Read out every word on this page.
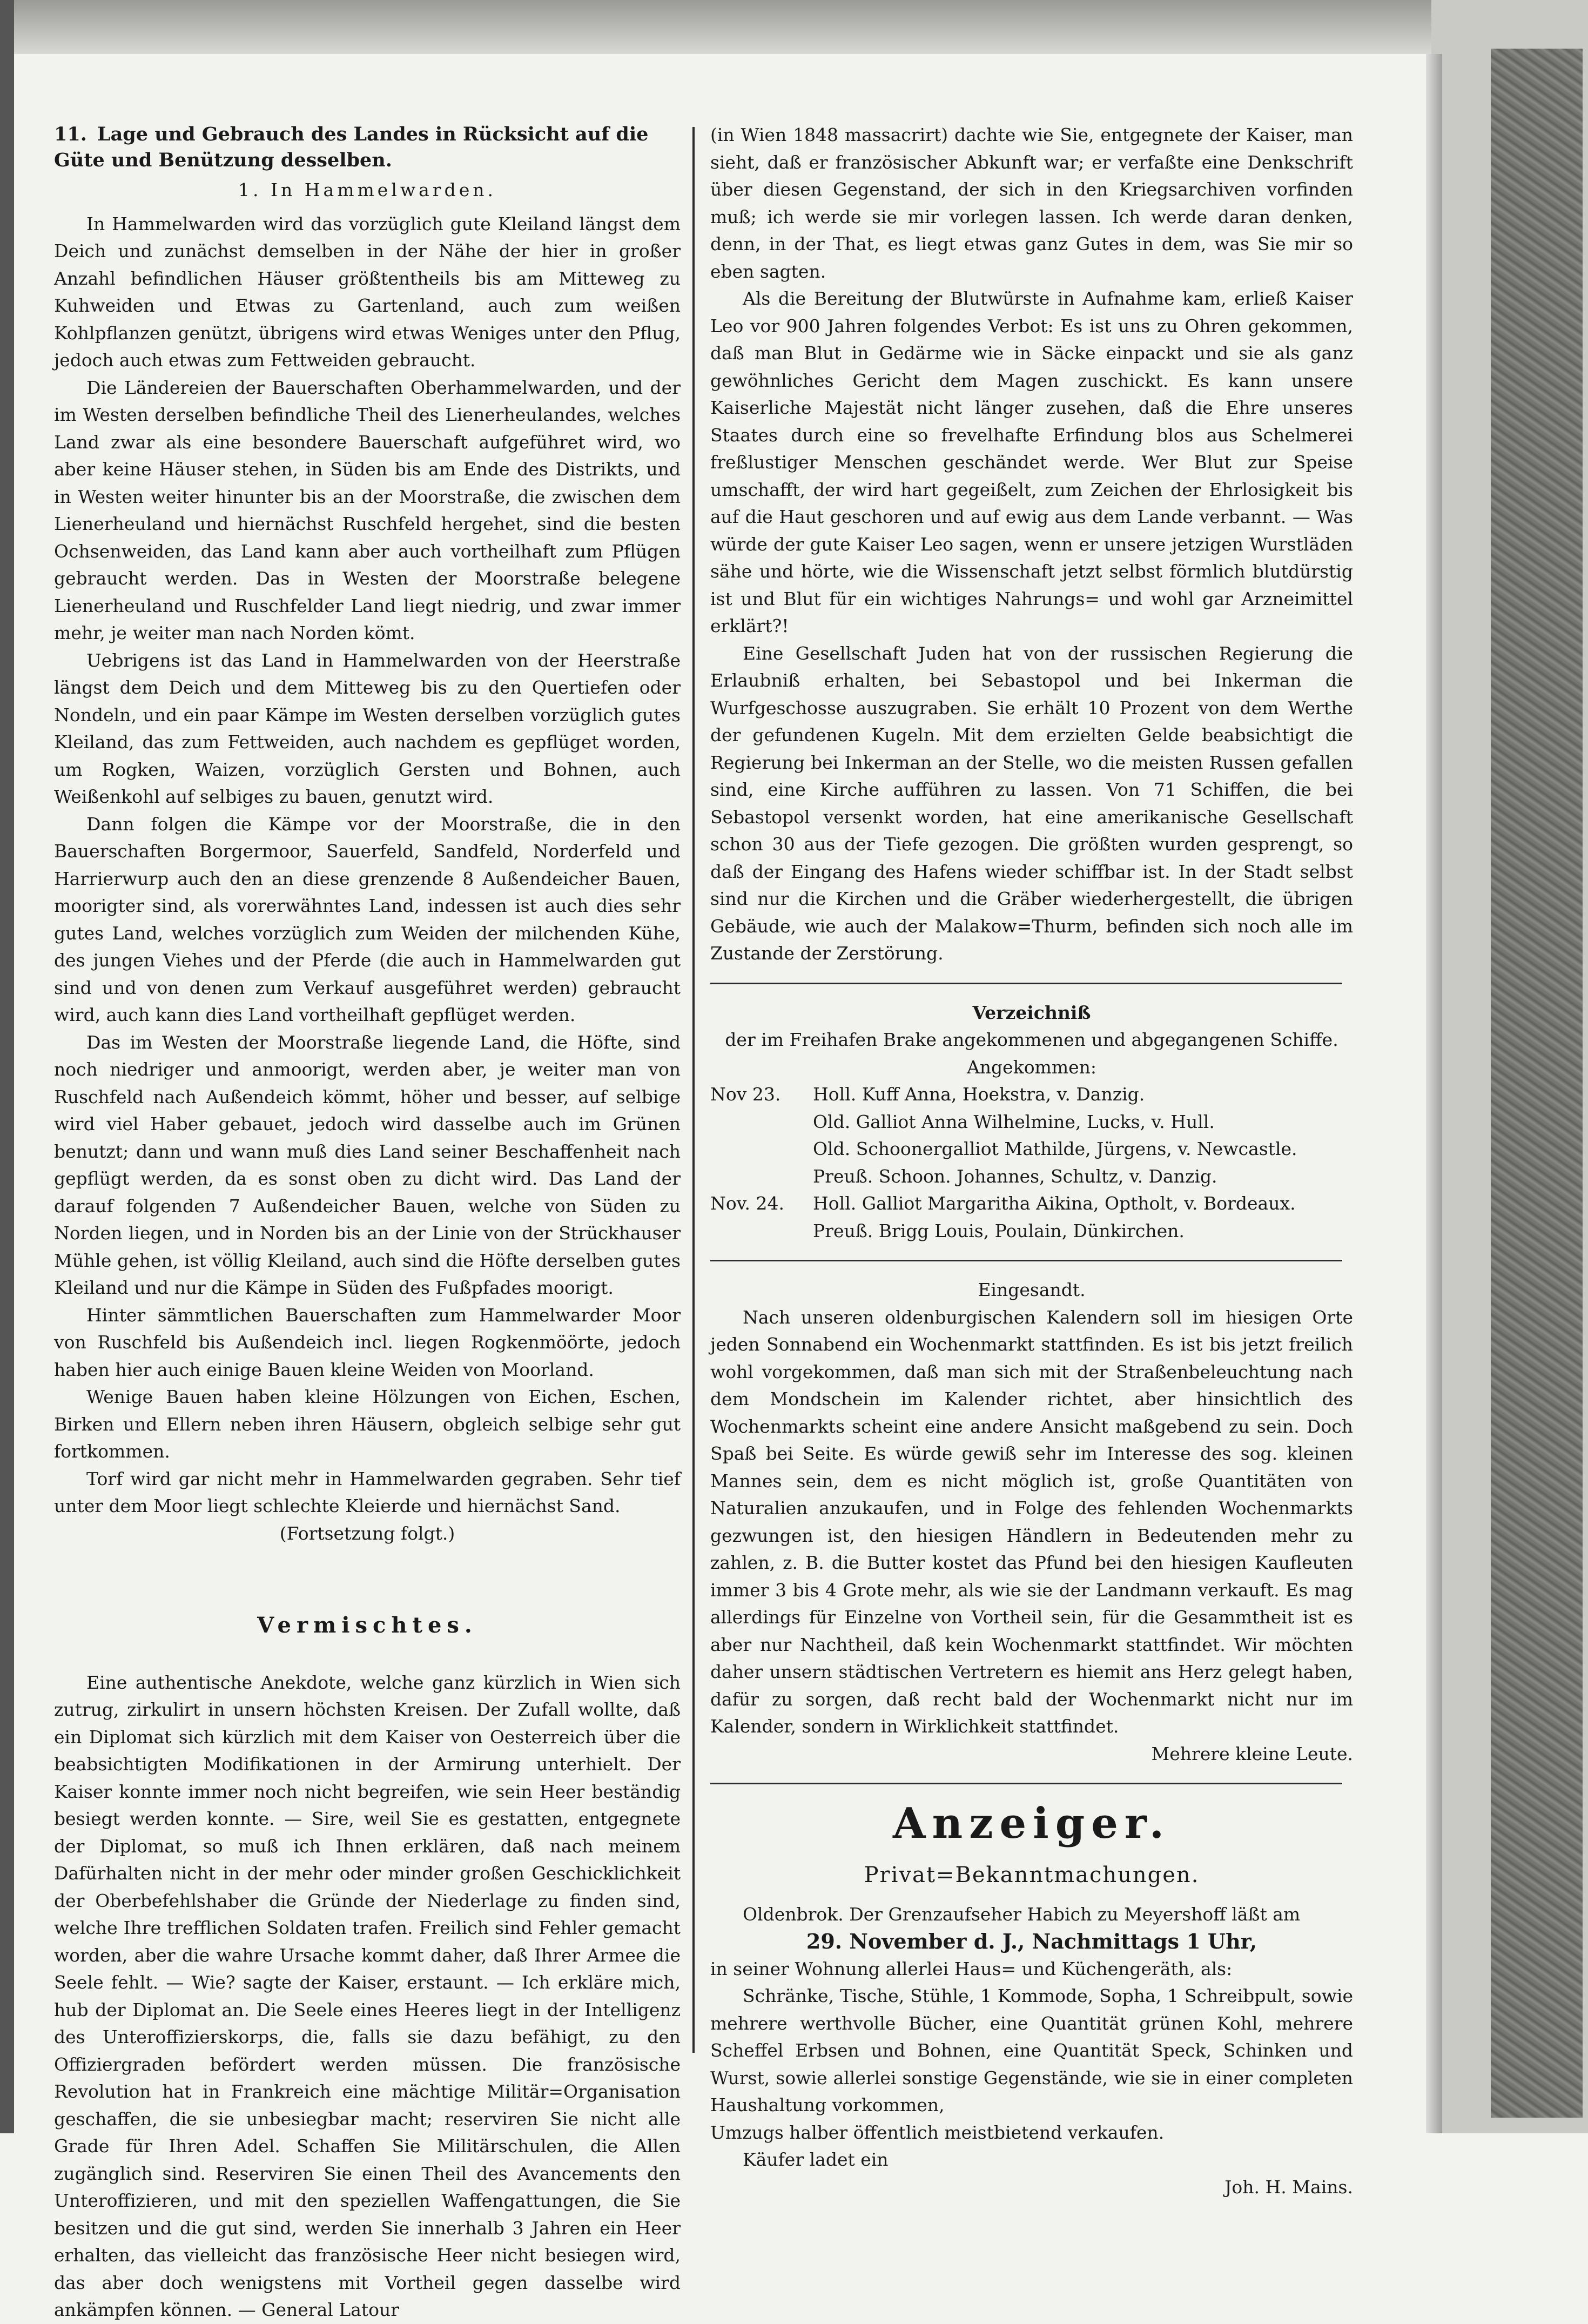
11. Lage und Gebrauch des Landes in Rücksicht auf die Güte und Benützung desselben.
1. In Hammelwarden.

In Hammelwarden wird das vorzüglich gute Kleiland längst dem Deich und zunächst demselben in der Nähe der hier in großer Anzahl befindlichen Häuser größtentheils bis am Mitteweg zu Kuhweiden und Etwas zu Gartenland, auch zum weißen Kohlpflanzen genützt, übrigens wird etwas Weniges unter den Pflug, jedoch auch etwas zum Fettweiden gebraucht.

Die Ländereien der Bauerschaften Oberhammelwarden, und der im Westen derselben befindliche Theil des Lienerheulandes, welches Land zwar als eine besondere Bauerschaft aufgeführet wird, wo aber keine Häuser stehen, in Süden bis am Ende des Distrikts, und in Westen weiter hinunter bis an der Moorstraße, die zwischen dem Lienerheuland und hiernächst Ruschfeld hergehet, sind die besten Ochsenweiden, das Land kann aber auch vortheilhaft zum Pflügen gebraucht werden. Das in Westen der Moorstraße belegene Lienerheuland und Ruschfelder Land liegt niedrig, und zwar immer mehr, je weiter man nach Norden kömt.

Uebrigens ist das Land in Hammelwarden von der Heerstraße längst dem Deich und dem Mitteweg bis zu den Quertiefen oder Nondeln, und ein paar Kämpe im Westen derselben vorzüglich gutes Kleiland, das zum Fettweiden, auch nachdem es gepflüget worden, um Rogken, Waizen, vorzüglich Gersten und Bohnen, auch Weißenkohl auf selbiges zu bauen, genutzt wird.

Dann folgen die Kämpe vor der Moorstraße, die in den Bauerschaften Borgermoor, Sauerfeld, Sandfeld, Norderfeld und Harrierwurp auch den an diese grenzende 8 Außendeicher Bauen, moorigter sind, als vorerwähntes Land, indessen ist auch dies sehr gutes Land, welches vorzüglich zum Weiden der milchenden Kühe, des jungen Viehes und der Pferde (die auch in Hammelwarden gut sind und von denen zum Verkauf ausgeführet werden) gebraucht wird, auch kann dies Land vortheilhaft gepflüget werden.

Das im Westen der Moorstraße liegende Land, die Höfte, sind noch niedriger und anmoorigt, werden aber, je weiter man von Ruschfeld nach Außendeich kömmt, höher und besser, auf selbige wird viel Haber gebauet, jedoch wird dasselbe auch im Grünen benutzt; dann und wann muß dies Land seiner Beschaffenheit nach gepflügt werden, da es sonst oben zu dicht wird. Das Land der darauf folgenden 7 Außendeicher Bauen, welche von Süden zu Norden liegen, und in Norden bis an der Linie von der Strückhauser Mühle gehen, ist völlig Kleiland, auch sind die Höfte derselben gutes Kleiland und nur die Kämpe in Süden des Fußpfades moorigt.

Hinter sämmtlichen Bauerschaften zum Hammelwarder Moor von Ruschfeld bis Außendeich incl. liegen Rogkenmöörte, jedoch haben hier auch einige Bauen kleine Weiden von Moorland.

Wenige Bauen haben kleine Hölzungen von Eichen, Eschen, Birken und Ellern neben ihren Häusern, obgleich selbige sehr gut fortkommen.

Torf wird gar nicht mehr in Hammelwarden gegraben. Sehr tief unter dem Moor liegt schlechte Kleierde und hiernächst Sand.

(Fortsetzung folgt.)

Vermischtes.

Eine authentische Anekdote, welche ganz kürzlich in Wien sich zutrug, zirkulirt in unsern höchsten Kreisen. Der Zufall wollte, daß ein Diplomat sich kürzlich mit dem Kaiser von Oesterreich über die beabsichtigten Modifikationen in der Armirung unterhielt. Der Kaiser konnte immer noch nicht begreifen, wie sein Heer beständig besiegt werden konnte. — Sire, weil Sie es gestatten, entgegnete der Diplomat, so muß ich Ihnen erklären, daß nach meinem Dafürhalten nicht in der mehr oder minder großen Geschicklichkeit der Oberbefehlshaber die Gründe der Niederlage zu finden sind, welche Ihre trefflichen Soldaten trafen. Freilich sind Fehler gemacht worden, aber die wahre Ursache kommt daher, daß Ihrer Armee die Seele fehlt. — Wie? sagte der Kaiser, erstaunt. — Ich erkläre mich, hub der Diplomat an. Die Seele eines Heeres liegt in der Intelligenz des Unteroffizierskorps, die, falls sie dazu befähigt, zu den Offiziergraden befördert werden müssen. Die französische Revolution hat in Frankreich eine mächtige Militär=Organisation geschaffen, die sie unbesiegbar macht; reserviren Sie nicht alle Grade für Ihren Adel. Schaffen Sie Militärschulen, die Allen zugänglich sind. Reserviren Sie einen Theil des Avancements den Unteroffizieren, und mit den speziellen Waffengattungen, die Sie besitzen und die gut sind, werden Sie innerhalb 3 Jahren ein Heer erhalten, das vielleicht das französische Heer nicht besiegen wird, das aber doch wenigstens mit Vortheil gegen dasselbe wird ankämpfen können. — General Latour

(in Wien 1848 massacrirt) dachte wie Sie, entgegnete der Kaiser, man sieht, daß er französischer Abkunft war; er verfaßte eine Denkschrift über diesen Gegenstand, der sich in den Kriegsarchiven vorfinden muß; ich werde sie mir vorlegen lassen. Ich werde daran denken, denn, in der That, es liegt etwas ganz Gutes in dem, was Sie mir so eben sagten.

Als die Bereitung der Blutwürste in Aufnahme kam, erließ Kaiser Leo vor 900 Jahren folgendes Verbot: Es ist uns zu Ohren gekommen, daß man Blut in Gedärme wie in Säcke einpackt und sie als ganz gewöhnliches Gericht dem Magen zuschickt. Es kann unsere Kaiserliche Majestät nicht länger zusehen, daß die Ehre unseres Staates durch eine so frevelhafte Erfindung blos aus Schelmerei freßlustiger Menschen geschändet werde. Wer Blut zur Speise umschafft, der wird hart gegeißelt, zum Zeichen der Ehrlosigkeit bis auf die Haut geschoren und auf ewig aus dem Lande verbannt. — Was würde der gute Kaiser Leo sagen, wenn er unsere jetzigen Wurstläden sähe und hörte, wie die Wissenschaft jetzt selbst förmlich blutdürstig ist und Blut für ein wichtiges Nahrungs= und wohl gar Arzneimittel erklärt?!

Eine Gesellschaft Juden hat von der russischen Regierung die Erlaubniß erhalten, bei Sebastopol und bei Inkerman die Wurfgeschosse auszugraben. Sie erhält 10 Prozent von dem Werthe der gefundenen Kugeln. Mit dem erzielten Gelde beabsichtigt die Regierung bei Inkerman an der Stelle, wo die meisten Russen gefallen sind, eine Kirche aufführen zu lassen. Von 71 Schiffen, die bei Sebastopol versenkt worden, hat eine amerikanische Gesellschaft schon 30 aus der Tiefe gezogen. Die größten wurden gesprengt, so daß der Eingang des Hafens wieder schiffbar ist. In der Stadt selbst sind nur die Kirchen und die Gräber wiederhergestellt, die übrigen Gebäude, wie auch der Malakow=Thurm, befinden sich noch alle im Zustande der Zerstörung.

Verzeichniß

der im Freihafen Brake angekommenen und abgegangenen Schiffe.

Angekommen:

Nov 23.	Holl. Kuff Anna, Hoekstra, v. Danzig.
Old. Galliot Anna Wilhelmine, Lucks, v. Hull.
Old. Schoonergalliot Mathilde, Jürgens, v. Newcastle.
Preuß. Schoon. Johannes, Schultz, v. Danzig.
Nov. 24.	Holl. Galliot Margaritha Aikina, Optholt, v. Bordeaux.
Preuß. Brigg Louis, Poulain, Dünkirchen.

Eingesandt.

Nach unseren oldenburgischen Kalendern soll im hiesigen Orte jeden Sonnabend ein Wochenmarkt stattfinden. Es ist bis jetzt freilich wohl vorgekommen, daß man sich mit der Straßenbeleuchtung nach dem Mondschein im Kalender richtet, aber hinsichtlich des Wochenmarkts scheint eine andere Ansicht maßgebend zu sein. Doch Spaß bei Seite. Es würde gewiß sehr im Interesse des sog. kleinen Mannes sein, dem es nicht möglich ist, große Quantitäten von Naturalien anzukaufen, und in Folge des fehlenden Wochenmarkts gezwungen ist, den hiesigen Händlern in Bedeutenden mehr zu zahlen, z. B. die Butter kostet das Pfund bei den hiesigen Kaufleuten immer 3 bis 4 Grote mehr, als wie sie der Landmann verkauft. Es mag allerdings für Einzelne von Vortheil sein, für die Gesammtheit ist es aber nur Nachtheil, daß kein Wochenmarkt stattfindet. Wir möchten daher unsern städtischen Vertretern es hiemit ans Herz gelegt haben, dafür zu sorgen, daß recht bald der Wochenmarkt nicht nur im Kalender, sondern in Wirklichkeit stattfindet.

Mehrere kleine Leute.

Anzeiger.
Privat=Bekanntmachungen.

Oldenbrok. Der Grenzaufseher Habich zu Meyershoff läßt am

29. November d. J., Nachmittags 1 Uhr,

in seiner Wohnung allerlei Haus= und Küchengeräth, als:

Schränke, Tische, Stühle, 1 Kommode, Sopha, 1 Schreibpult, sowie mehrere werthvolle Bücher, eine Quantität grünen Kohl, mehrere Scheffel Erbsen und Bohnen, eine Quantität Speck, Schinken und Wurst, sowie allerlei sonstige Gegenstände, wie sie in einer completen Haushaltung vorkommen,

Umzugs halber öffentlich meistbietend verkaufen.

Käufer ladet ein

Joh. H. Mains.
